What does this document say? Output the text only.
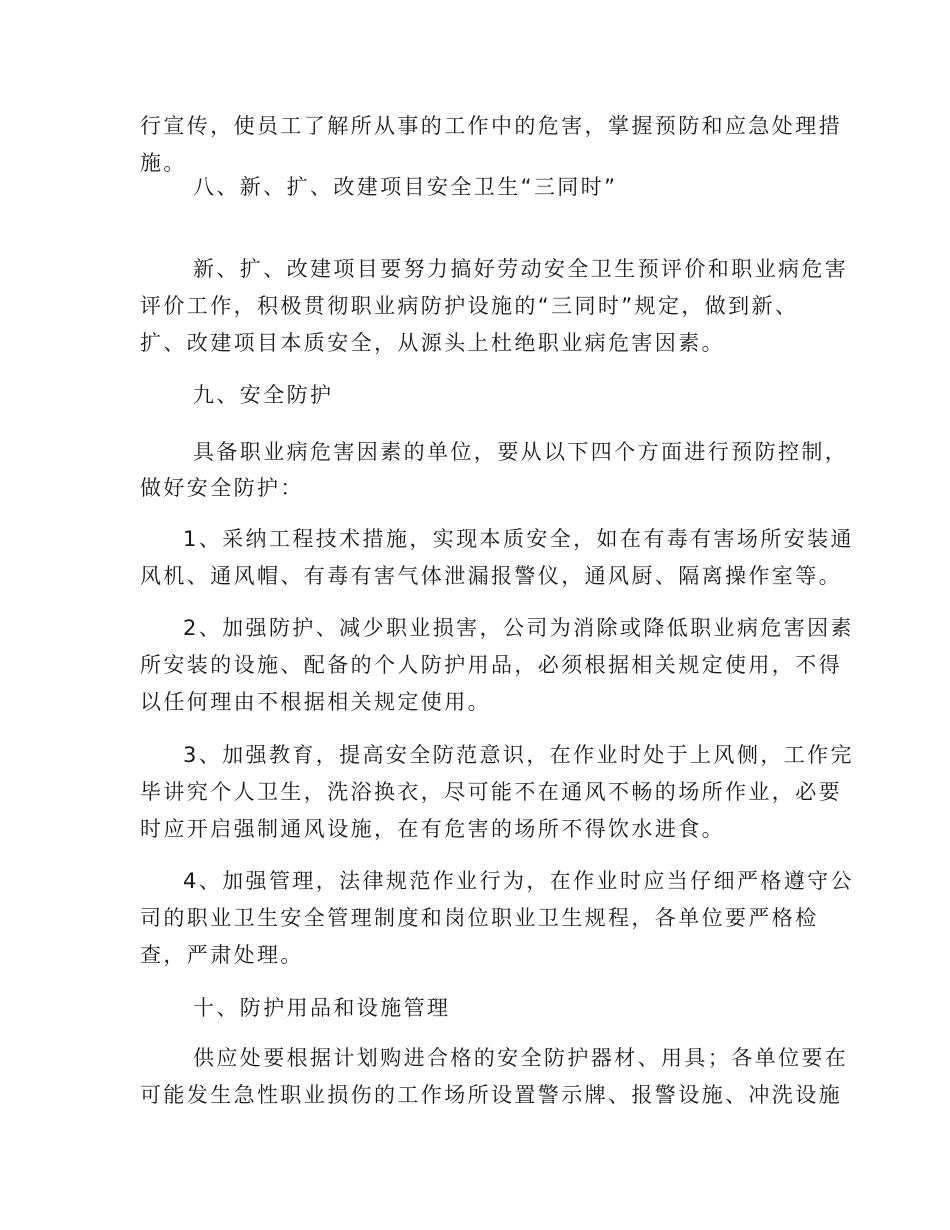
行宣传，使员工了解所从事的工作中的危害，掌握预防和应急处理措
施。
八、新、扩、改建项目安全卫生“三同时”
新、扩、改建项目要努力搞好劳动安全卫生预评价和职业病危害
评价工作，积极贯彻职业病防护设施的“三同时”规定，做到新、
扩、改建项目本质安全，从源头上杜绝职业病危害因素。
九、安全防护
具备职业病危害因素的单位，要从以下四个方面进行预防控制，
做好安全防护：
1、采纳工程技术措施，实现本质安全，如在有毒有害场所安装通
风机、通风帽、有毒有害气体泄漏报警仪，通风厨、隔离操作室等。
2、加强防护、减少职业损害，公司为消除或降低职业病危害因素
所安装的设施、配备的个人防护用品，必须根据相关规定使用，不得
以任何理由不根据相关规定使用。
3、加强教育，提高安全防范意识，在作业时处于上风侧，工作完
毕讲究个人卫生，洗浴换衣，尽可能不在通风不畅的场所作业，必要
时应开启强制通风设施，在有危害的场所不得饮水进食。
4、加强管理，法律规范作业行为，在作业时应当仔细严格遵守公
司的职业卫生安全管理制度和岗位职业卫生规程，各单位要严格检
查，严肃处理。
十、防护用品和设施管理
供应处要根据计划购进合格的安全防护器材、用具；各单位要在
可能发生急性职业损伤的工作场所设置警示牌、报警设施、冲洗设施
